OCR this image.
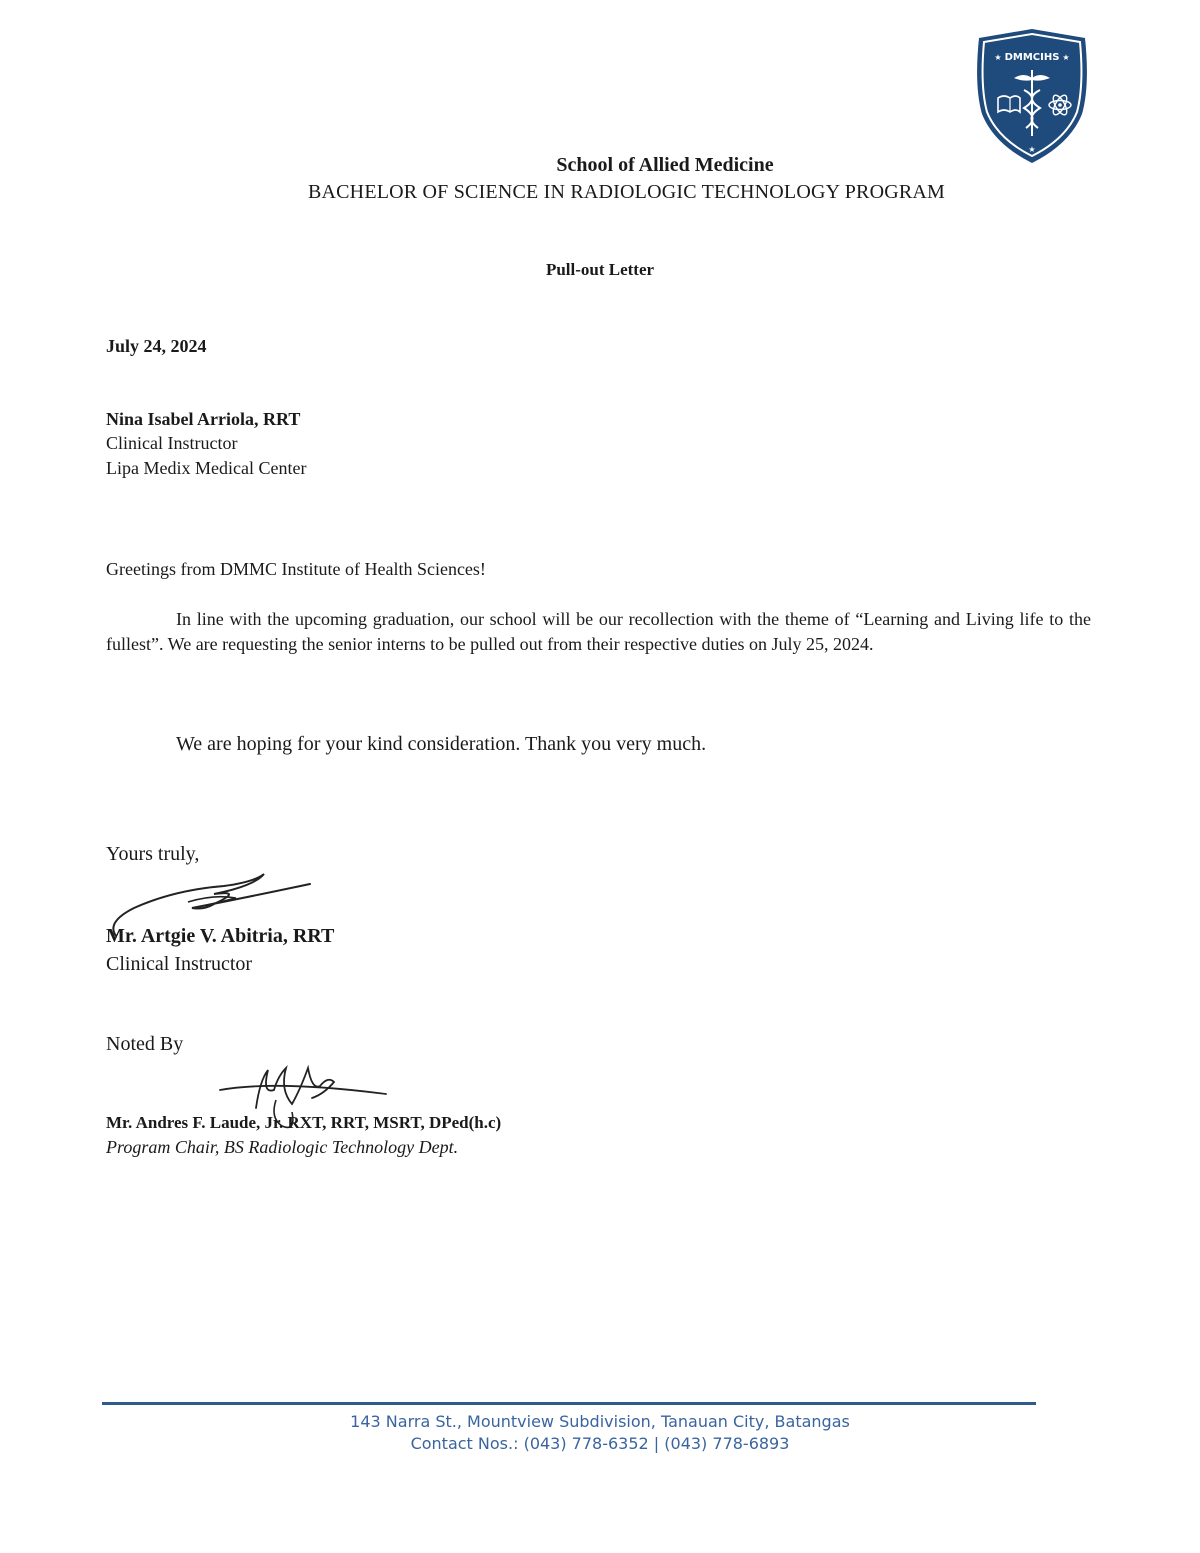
DMMCIHS
★	★
★

School of Allied Medicine

BACHELOR OF SCIENCE IN RADIOLOGIC TECHNOLOGY PROGRAM

Pull-out Letter

July 24, 2024

Nina Isabel Arriola, RRT

Clinical Instructor

Lipa Medix Medical Center

Greetings from DMMC Institute of Health Sciences!

In line with the upcoming graduation, our school will be our recollection with the theme of “Learning and Living life to the fullest”. We are requesting the senior interns to be pulled out from their respective duties on July 25, 2024.

We are hoping for your kind consideration. Thank you very much.

Yours truly,

Mr. Artgie V. Abitria, RRT

Clinical Instructor

Noted By

Mr. Andres F. Laude, Jr. RXT, RRT, MSRT, DPed(h.c)

Program Chair, BS Radiologic Technology Dept.

143 Narra St., Mountview Subdivision, Tanauan City, Batangas

Contact Nos.: (043) 778-6352 | (043) 778-6893
